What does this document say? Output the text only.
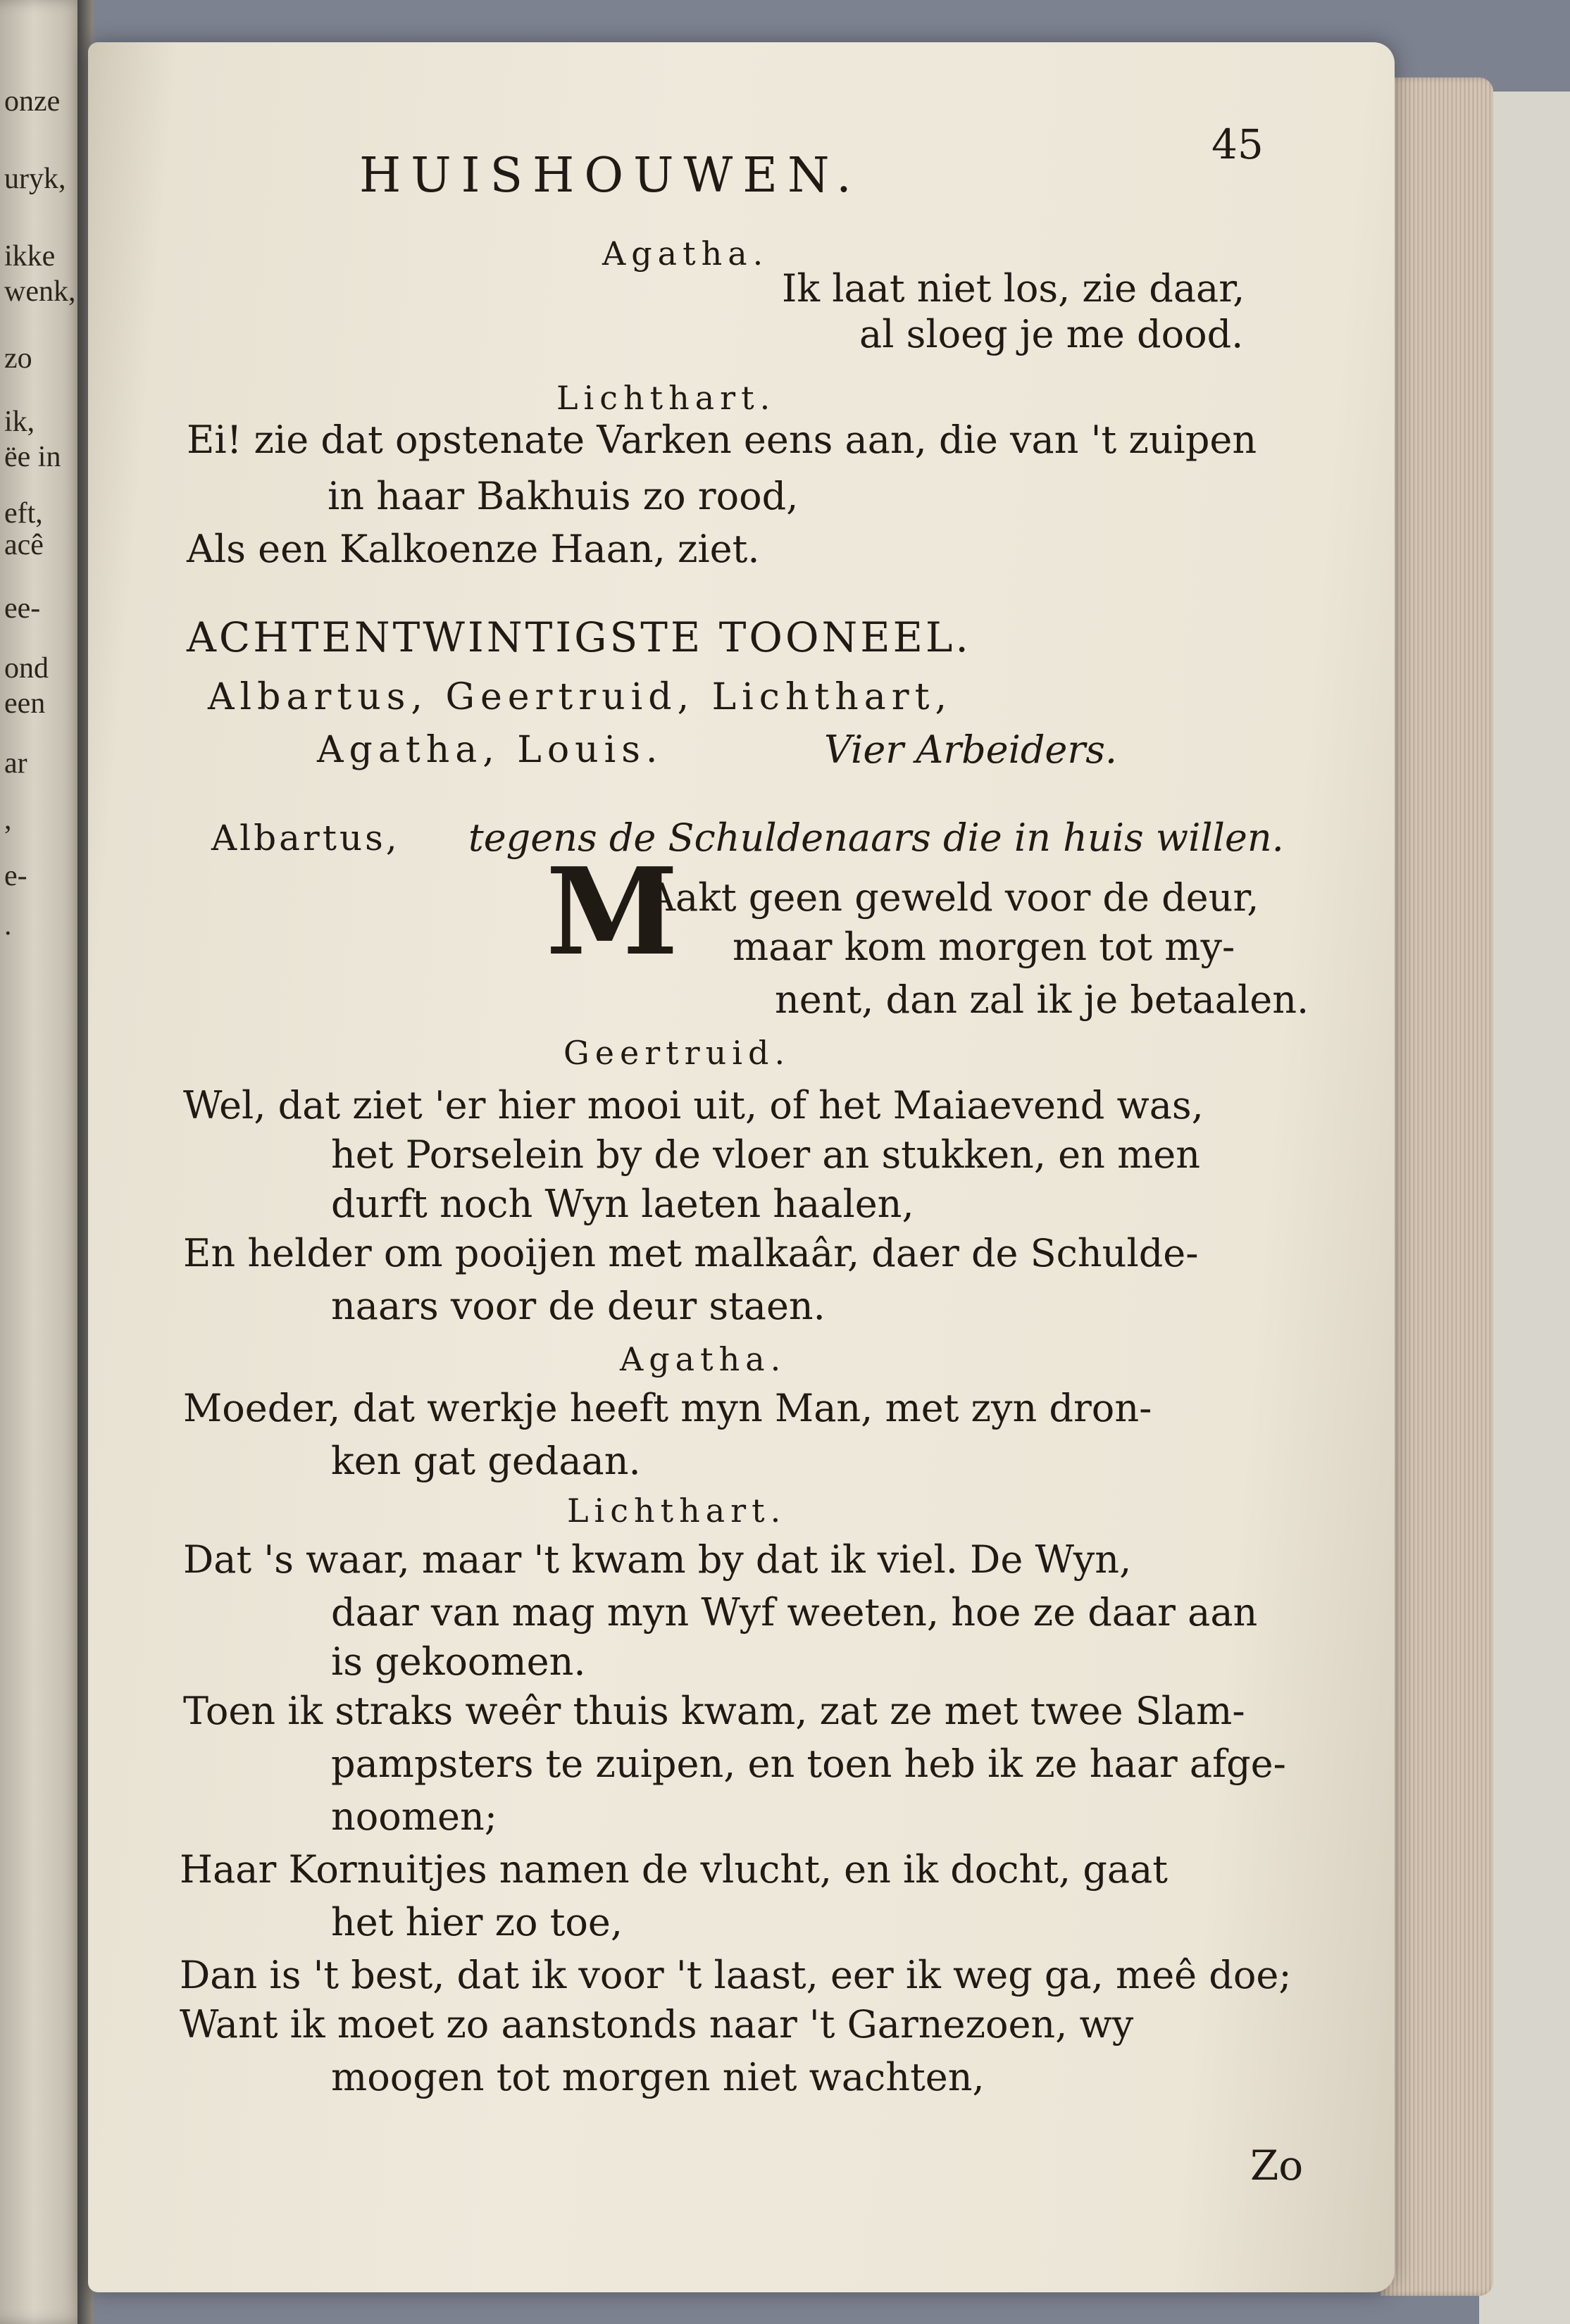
onze
uryk,
ikke
wenk,
zo
ik,
ëe in
eft,
acê
ee-
ond
een
ar
,
e-
.
HUISHOUWEN.
45
Agatha.
Ik laat niet los, zie daar,
al sloeg je me dood.
Lichthart.
Ei! zie dat opstenate Varken eens aan, die van 't zuipen
in haar Bakhuis zo rood,
Als een Kalkoenze Haan, ziet.
ACHTENTWINTIGSTE TOONEEL.
Albartus, Geertruid, Lichthart,
Agatha, Louis.	Vier Arbeiders.
Albartus, tegens de Schuldenaars die in huis willen.
M
Aakt geen geweld voor de deur,
maar kom morgen tot my-
nent, dan zal ik je betaalen.
Geertruid.
Wel, dat ziet 'er hier mooi uit, of het Maiaevend was,
het Porselein by de vloer an stukken, en men
durft noch Wyn laeten haalen,
En helder om pooijen met malkaâr, daer de Schulde-
naars voor de deur staen.
Agatha.
Moeder, dat werkje heeft myn Man, met zyn dron-
ken gat gedaan.
Lichthart.
Dat 's waar, maar 't kwam by dat ik viel. De Wyn,
daar van mag myn Wyf weeten, hoe ze daar aan
is gekoomen.
Toen ik straks weêr thuis kwam, zat ze met twee Slam-
pampsters te zuipen, en toen heb ik ze haar afge-
noomen;
Haar Kornuitjes namen de vlucht, en ik docht, gaat
het hier zo toe,
Dan is 't best, dat ik voor 't laast, eer ik weg ga, meê doe;
Want ik moet zo aanstonds naar 't Garnezoen, wy
moogen tot morgen niet wachten,
Zo
